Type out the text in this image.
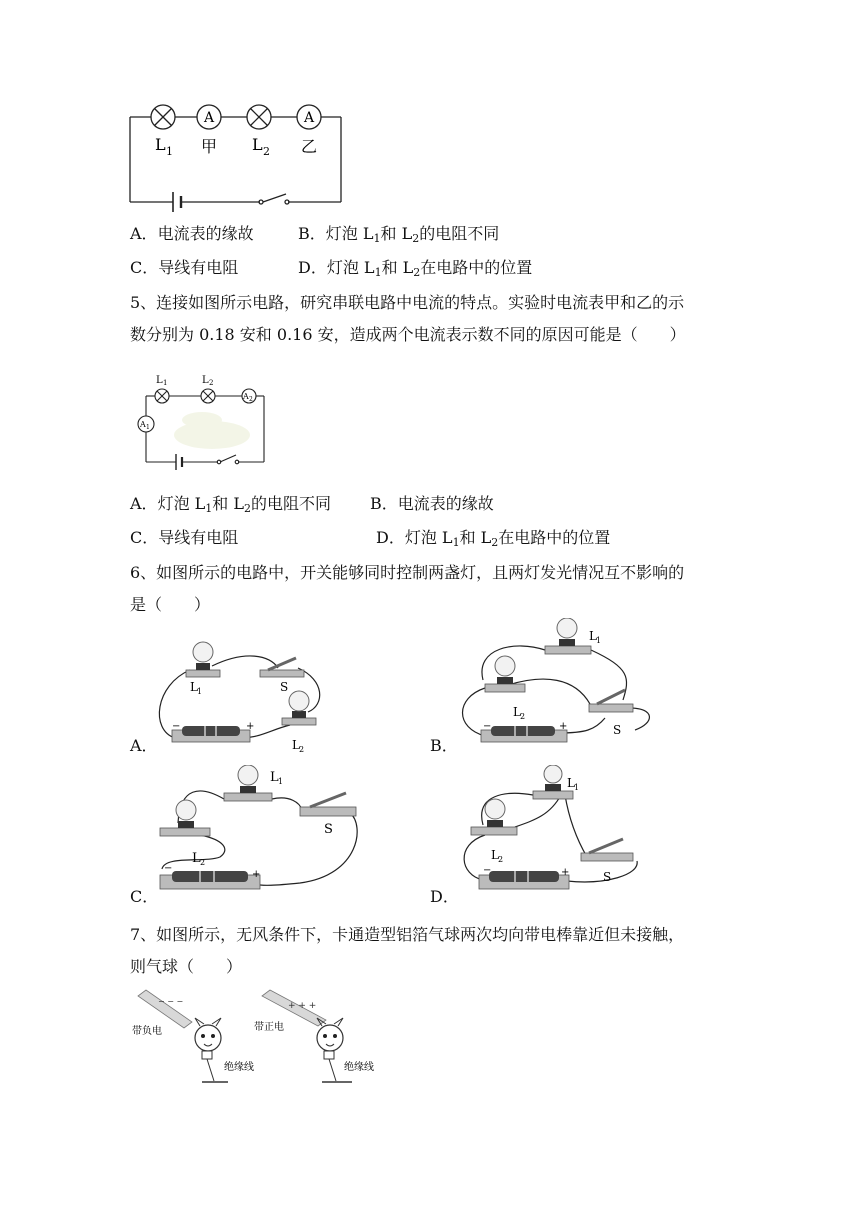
A	A
L 1 甲 L 2 乙
A．电流表的缘故	B．灯泡 $L_1$和 $L_2$的电阻不同
C．导线有电阻	D．灯泡 $L_1$和 $L_2$在电路中的位置
5、连接如图所示电路，研究串联电路中电流的特点。实验时电流表甲和乙的示
数分别为 0.18 安和 0.16 安，造成两个电流表示数不同的原因可能是（　　）
L 1	L 2
A 2
A 1
A．灯泡 $L_1$和 $L_2$的电阻不同 B．电流表的缘故
C．导线有电阻	D．灯泡 $L_1$和 $L_2$在电路中的位置
6、如图所示的电路中，开关能够同时控制两盏灯，且两灯发光情况互不影响的
是（　　）
A．	B．
C．	D．
−	+
L 1	S
L 2
−	+
L 1
L 2
S
−
+
L 1
L 2
S
−	+
L 1
L 2
S
7、如图所示，无风条件下，卡通造型铝箔气球两次均向带电棒靠近但未接触，
则气球（　　）
− − −
带负电
绝缘线
+ + +
带正电
绝缘线
